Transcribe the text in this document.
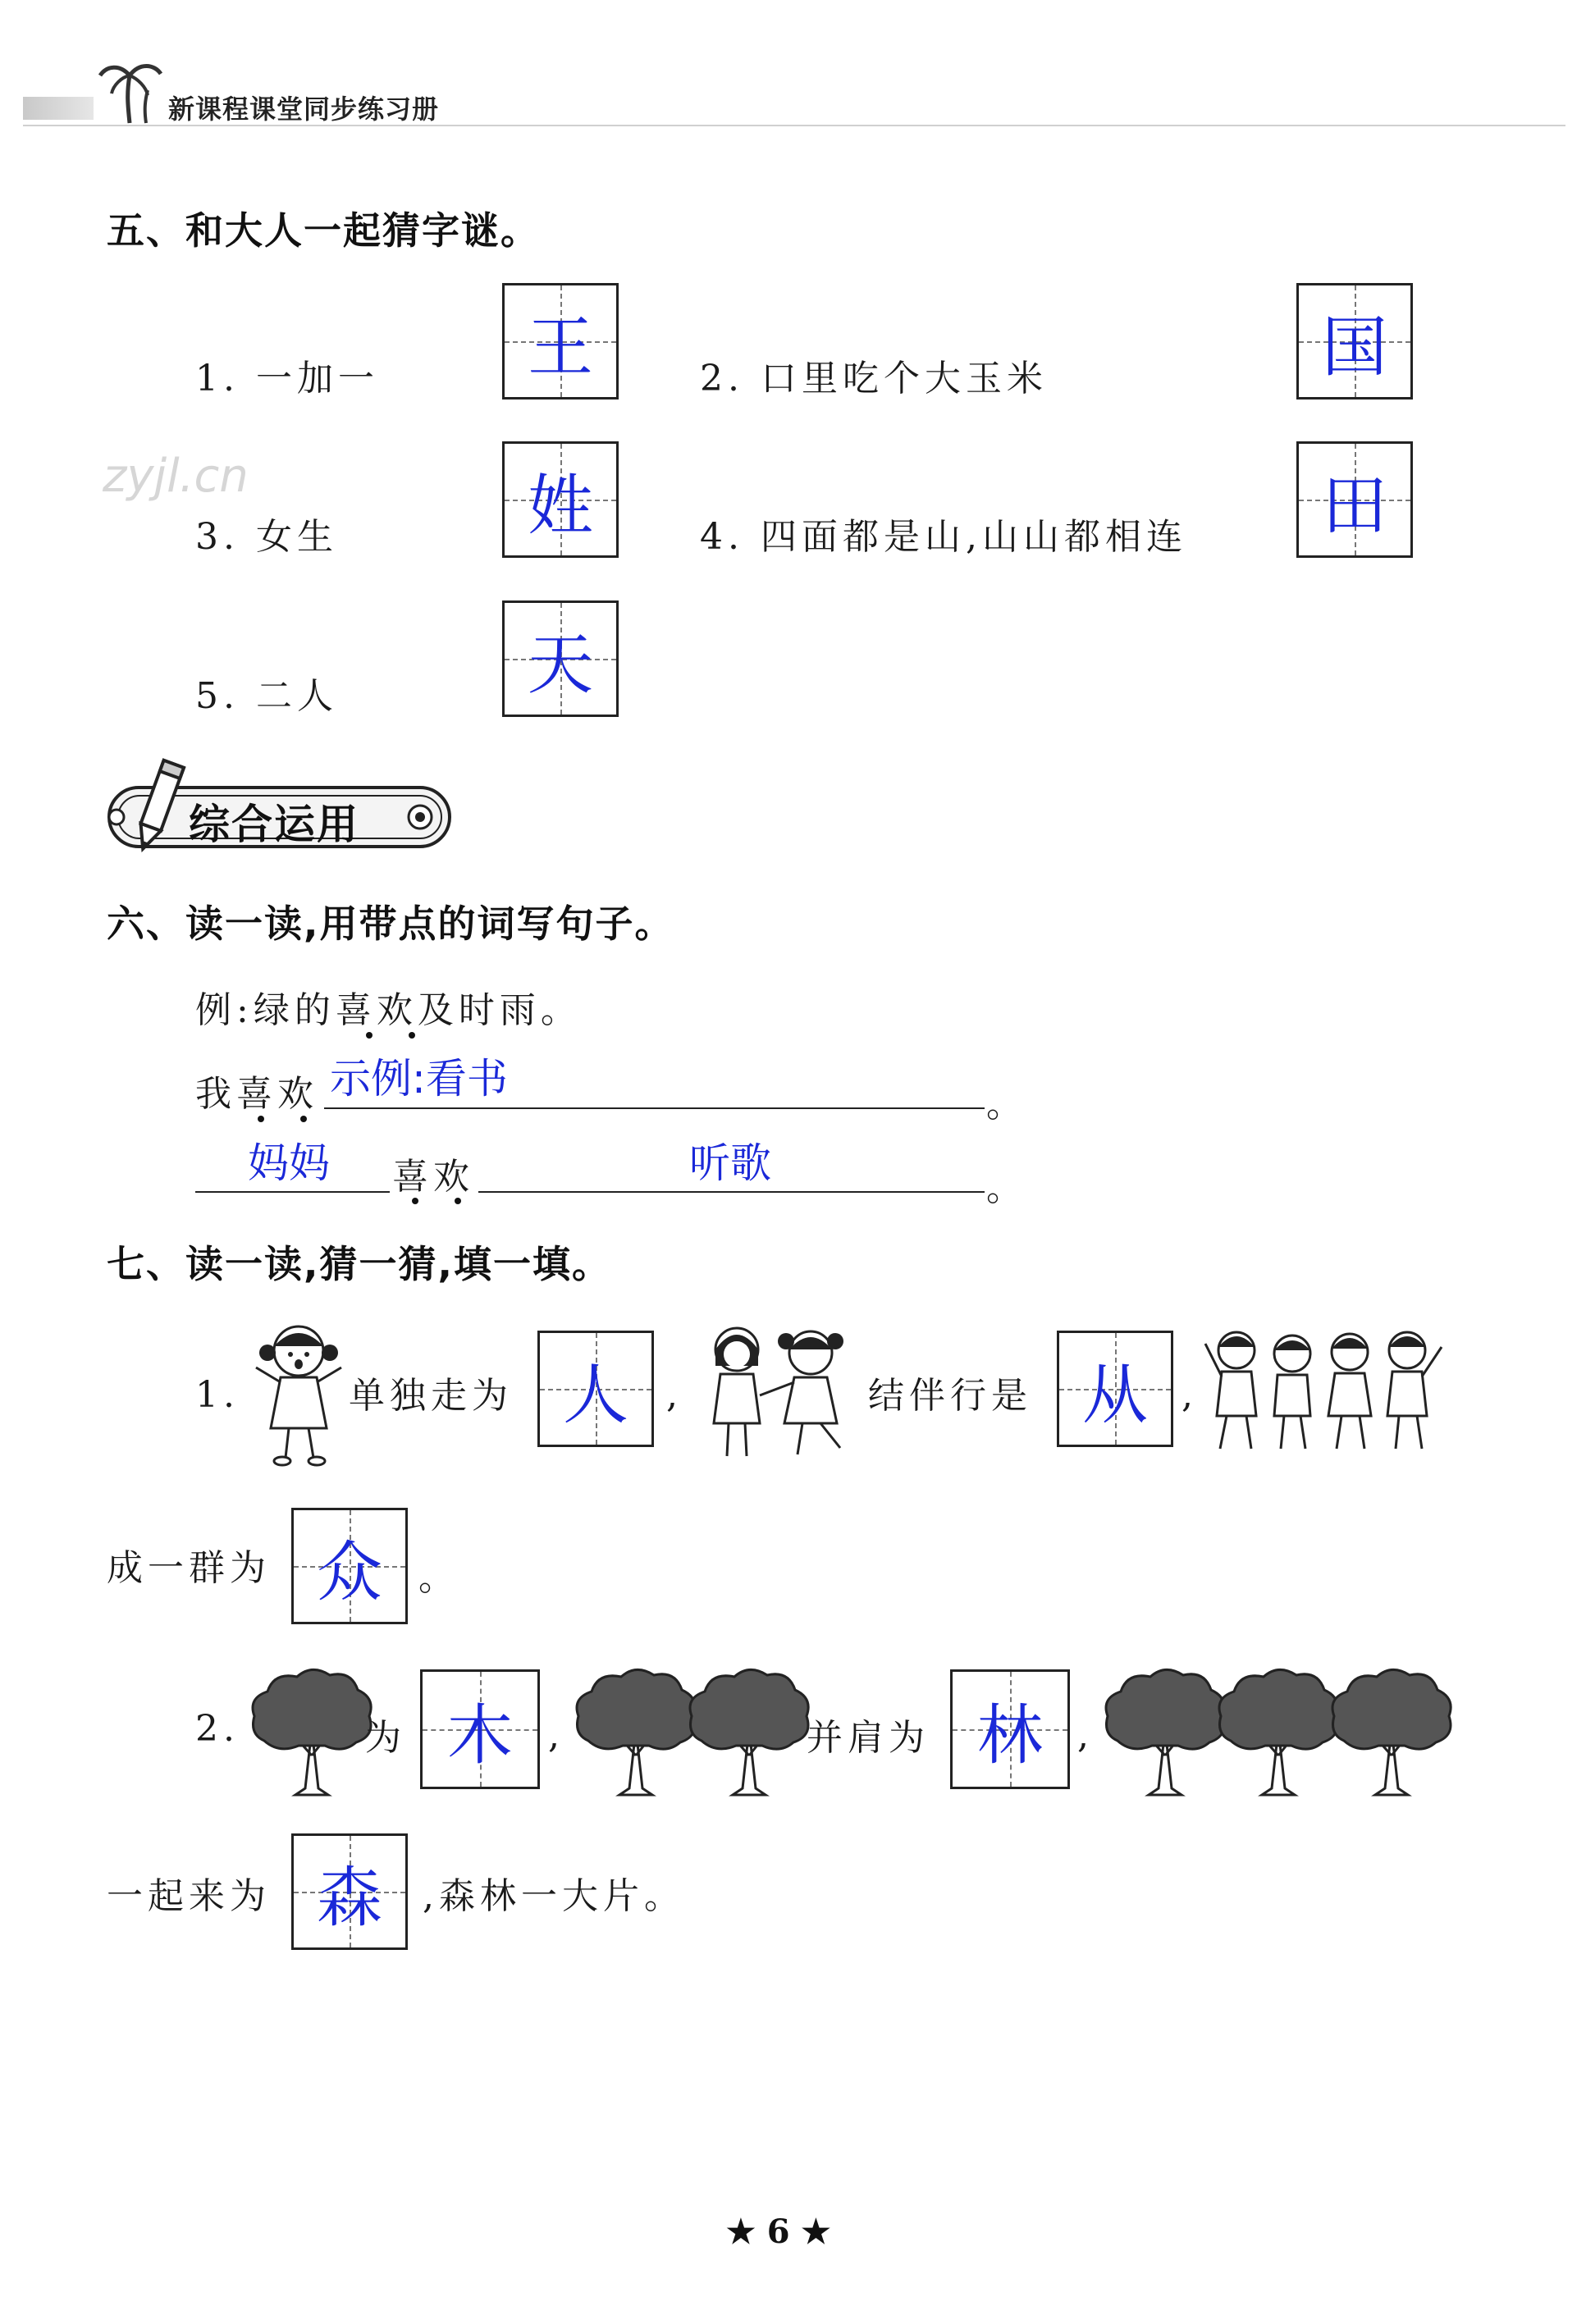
新课程课堂同步练习册
zyjl.cn
五、和大人一起猜字谜。
1. 一加一	王	2. 口里吃个大玉米	国
3. 女生	姓	4. 四面都是山,山山都相连	田
5. 二人	天
综合运用
六、读一读,用带点的词写句子。
例:绿的喜欢及时雨。
我喜欢 示例:看书
。
妈妈 喜欢	听歌
。
七、读一读,猜一猜,填一填。
1.	单独走为 人	,	结伴行是 从 ,
成一群为 众	。
2.	为 木 ,	并肩为 林 ,
一起来为 森	,森林一大片。
★ 6 ★
